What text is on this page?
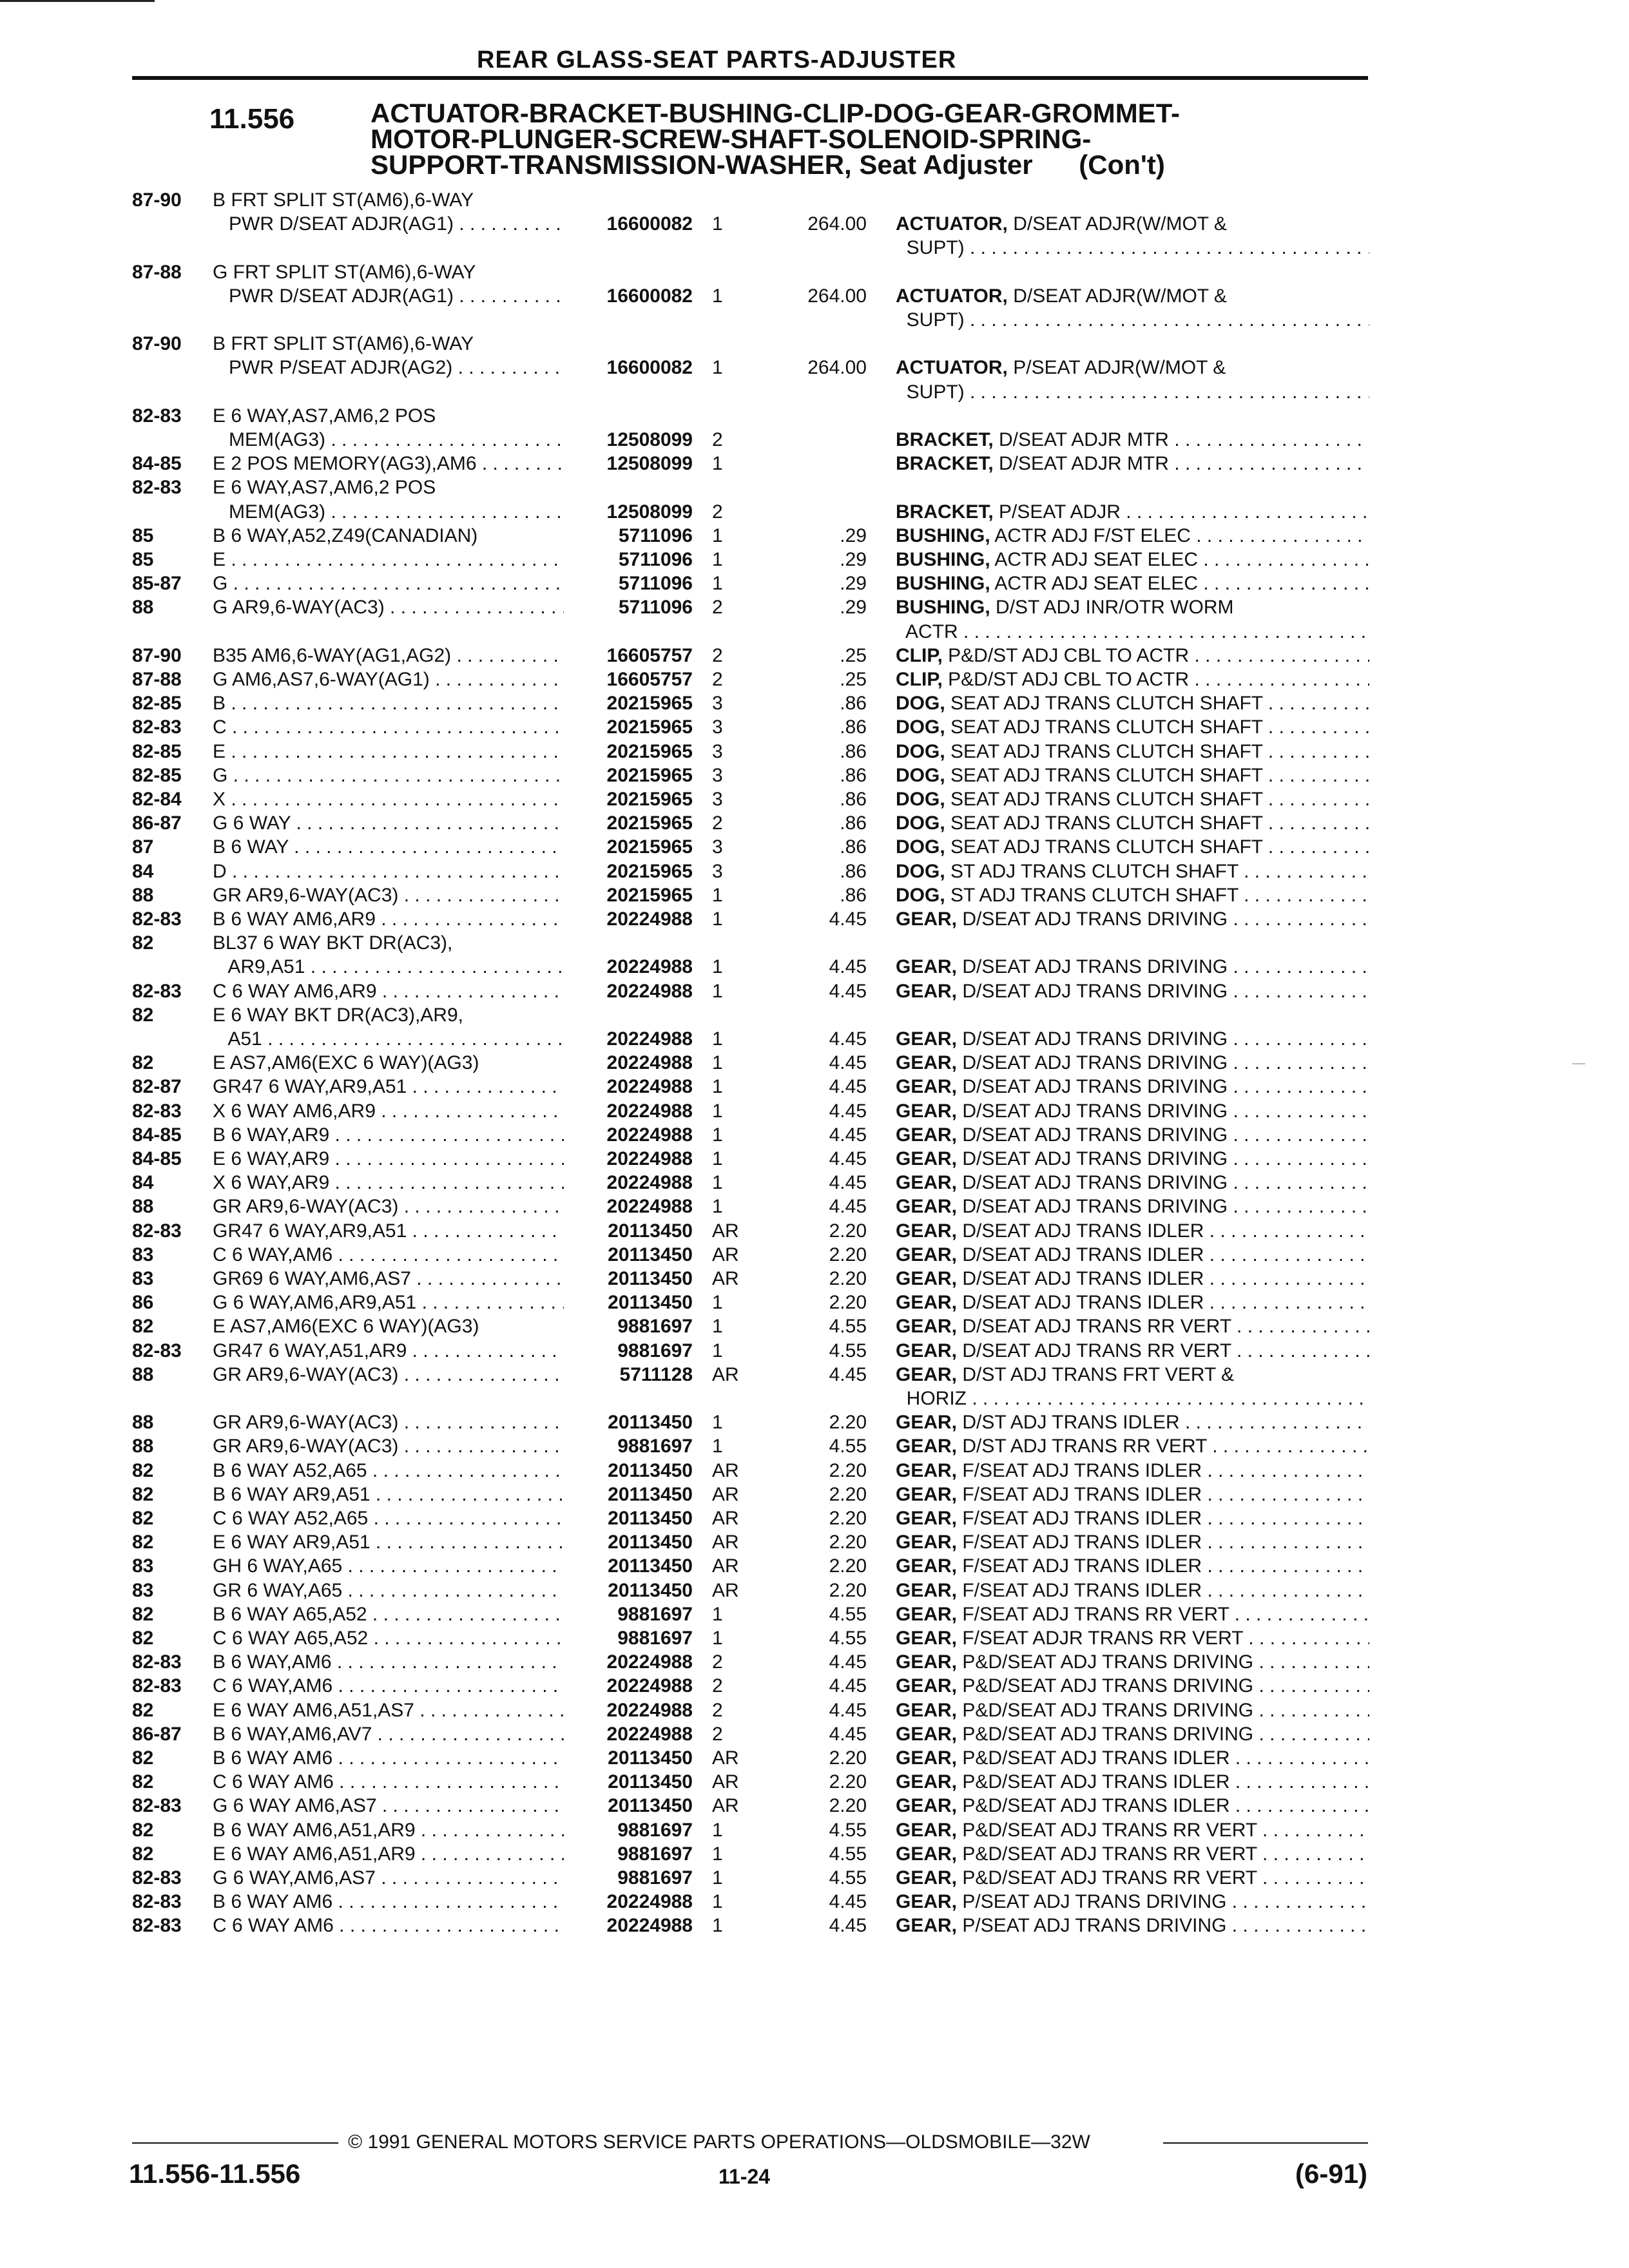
REAR GLASS-SEAT PARTS-ADJUSTER
11.556	ACTUATOR-BRACKET-BUSHING-CLIP-DOG-GEAR-GROMMET-
MOTOR-PLUNGER-SCREW-SHAFT-SOLENOID-SPRING-
SUPPORT-TRANSMISSION-WASHER, Seat Adjuster (Con't)
87-90 B FRT SPLIT ST(AM6),6-WAY
PWR D/SEAT ADJR(AG1) . . .	16600082 1	264.00 ACTUATOR, D/SEAT ADJR(W/MOT &
SUPT) . . .
87-88 G FRT SPLIT ST(AM6),6-WAY
PWR D/SEAT ADJR(AG1) . . .	16600082 1	264.00 ACTUATOR, D/SEAT ADJR(W/MOT &
SUPT) . . .
87-90 B FRT SPLIT ST(AM6),6-WAY
PWR P/SEAT ADJR(AG2) . . .	16600082 1	264.00 ACTUATOR, P/SEAT ADJR(W/MOT &
SUPT) . . .
82-83 E 6 WAY,AS7,AM6,2 POS
MEM(AG3) . . .	12508099 2	BRACKET, D/SEAT ADJR MTR . . .
84-85 E 2 POS MEMORY(AG3),AM6 . . .	12508099 1	BRACKET, D/SEAT ADJR MTR . . .
82-83 E 6 WAY,AS7,AM6,2 POS
MEM(AG3) . . .	12508099 2	BRACKET, P/SEAT ADJR . . .
85	B 6 WAY,A52,Z49(CANADIAN)	5711096 1	.29 BUSHING, ACTR ADJ F/ST ELEC . . .
85	E . . .	5711096 1	.29 BUSHING, ACTR ADJ SEAT ELEC . . .
85-87 G . . .	5711096 1	.29 BUSHING, ACTR ADJ SEAT ELEC . . .
88	G AR9,6-WAY(AC3) . . .	5711096 2	.29 BUSHING, D/ST ADJ INR/OTR WORM
ACTR . . .
87-90 B35 AM6,6-WAY(AG1,AG2) . . .	16605757 2	.25 CLIP, P&D/ST ADJ CBL TO ACTR . . .
87-88 G AM6,AS7,6-WAY(AG1) . . .	16605757 2	.25 CLIP, P&D/ST ADJ CBL TO ACTR . . .
82-85 B . . .	20215965 3	.86 DOG, SEAT ADJ TRANS CLUTCH SHAFT . . .
82-83 C . . .	20215965 3	.86 DOG, SEAT ADJ TRANS CLUTCH SHAFT . . .
82-85 E . . .	20215965 3	.86 DOG, SEAT ADJ TRANS CLUTCH SHAFT . . .
82-85 G . . .	20215965 3	.86 DOG, SEAT ADJ TRANS CLUTCH SHAFT . . .
82-84 X . . .	20215965 3	.86 DOG, SEAT ADJ TRANS CLUTCH SHAFT . . .
86-87 G 6 WAY . . .	20215965 2	.86 DOG, SEAT ADJ TRANS CLUTCH SHAFT . . .
87	B 6 WAY . . .	20215965 3	.86 DOG, SEAT ADJ TRANS CLUTCH SHAFT . . .
84	D . . .	20215965 3	.86 DOG, ST ADJ TRANS CLUTCH SHAFT . . .
88	GR AR9,6-WAY(AC3) . . .	20215965 1	.86 DOG, ST ADJ TRANS CLUTCH SHAFT . . .
82-83 B 6 WAY AM6,AR9 . . .	20224988 1	4.45 GEAR, D/SEAT ADJ TRANS DRIVING . . .
82	BL37 6 WAY BKT DR(AC3),
AR9,A51 . . .	20224988 1	4.45 GEAR, D/SEAT ADJ TRANS DRIVING . . .
82-83 C 6 WAY AM6,AR9 . . .	20224988 1	4.45 GEAR, D/SEAT ADJ TRANS DRIVING . . .
82	E 6 WAY BKT DR(AC3),AR9,
A51 . . .	20224988 1	4.45 GEAR, D/SEAT ADJ TRANS DRIVING . . .
82	E AS7,AM6(EXC 6 WAY)(AG3)	20224988 1	4.45 GEAR, D/SEAT ADJ TRANS DRIVING . . .
82-87 GR47 6 WAY,AR9,A51 . . .	20224988 1	4.45 GEAR, D/SEAT ADJ TRANS DRIVING . . .
82-83 X 6 WAY AM6,AR9 . . .	20224988 1	4.45 GEAR, D/SEAT ADJ TRANS DRIVING . . .
84-85 B 6 WAY,AR9 . . .	20224988 1	4.45 GEAR, D/SEAT ADJ TRANS DRIVING . . .
84-85 E 6 WAY,AR9 . . .	20224988 1	4.45 GEAR, D/SEAT ADJ TRANS DRIVING . . .
84	X 6 WAY,AR9 . . .	20224988 1	4.45 GEAR, D/SEAT ADJ TRANS DRIVING . . .
88	GR AR9,6-WAY(AC3) . . .	20224988 1	4.45 GEAR, D/SEAT ADJ TRANS DRIVING . . .
82-83 GR47 6 WAY,AR9,A51 . . .	20113450 AR	2.20 GEAR, D/SEAT ADJ TRANS IDLER . . .
83	C 6 WAY,AM6 . . .	20113450 AR	2.20 GEAR, D/SEAT ADJ TRANS IDLER . . .
83	GR69 6 WAY,AM6,AS7 . . .	20113450 AR	2.20 GEAR, D/SEAT ADJ TRANS IDLER . . .
86	G 6 WAY,AM6,AR9,A51 . . .	20113450 1	2.20 GEAR, D/SEAT ADJ TRANS IDLER . . .
82	E AS7,AM6(EXC 6 WAY)(AG3)	9881697 1	4.55 GEAR, D/SEAT ADJ TRANS RR VERT . . .
82-83 GR47 6 WAY,A51,AR9 . . .	9881697 1	4.55 GEAR, D/SEAT ADJ TRANS RR VERT . . .
88	GR AR9,6-WAY(AC3) . . .	5711128 AR	4.45 GEAR, D/ST ADJ TRANS FRT VERT &
HORIZ . . .
88	GR AR9,6-WAY(AC3) . . .	20113450 1	2.20 GEAR, D/ST ADJ TRANS IDLER . . .
88	GR AR9,6-WAY(AC3) . . .	9881697 1	4.55 GEAR, D/ST ADJ TRANS RR VERT . . .
82	B 6 WAY A52,A65 . . .	20113450 AR	2.20 GEAR, F/SEAT ADJ TRANS IDLER . . .
82	B 6 WAY AR9,A51 . . .	20113450 AR	2.20 GEAR, F/SEAT ADJ TRANS IDLER . . .
82	C 6 WAY A52,A65 . . .	20113450 AR	2.20 GEAR, F/SEAT ADJ TRANS IDLER . . .
82	E 6 WAY AR9,A51 . . .	20113450 AR	2.20 GEAR, F/SEAT ADJ TRANS IDLER . . .
83	GH 6 WAY,A65 . . .	20113450 AR	2.20 GEAR, F/SEAT ADJ TRANS IDLER . . .
83	GR 6 WAY,A65 . . .	20113450 AR	2.20 GEAR, F/SEAT ADJ TRANS IDLER . . .
82	B 6 WAY A65,A52 . . .	9881697 1	4.55 GEAR, F/SEAT ADJ TRANS RR VERT . . .
82	C 6 WAY A65,A52 . . .	9881697 1	4.55 GEAR, F/SEAT ADJR TRANS RR VERT . . .
82-83 B 6 WAY,AM6 . . .	20224988 2	4.45 GEAR, P&D/SEAT ADJ TRANS DRIVING . . .
82-83 C 6 WAY,AM6 . . .	20224988 2	4.45 GEAR, P&D/SEAT ADJ TRANS DRIVING . . .
82	E 6 WAY AM6,A51,AS7 . . .	20224988 2	4.45 GEAR, P&D/SEAT ADJ TRANS DRIVING . . .
86-87 B 6 WAY,AM6,AV7 . . .	20224988 2	4.45 GEAR, P&D/SEAT ADJ TRANS DRIVING . . .
82	B 6 WAY AM6 . . .	20113450 AR	2.20 GEAR, P&D/SEAT ADJ TRANS IDLER . . .
82	C 6 WAY AM6 . . .	20113450 AR	2.20 GEAR, P&D/SEAT ADJ TRANS IDLER . . .
82-83 G 6 WAY AM6,AS7 . . .	20113450 AR	2.20 GEAR, P&D/SEAT ADJ TRANS IDLER . . .
82	B 6 WAY AM6,A51,AR9 . . .	9881697 1	4.55 GEAR, P&D/SEAT ADJ TRANS RR VERT . . .
82	E 6 WAY AM6,A51,AR9 . . .	9881697 1	4.55 GEAR, P&D/SEAT ADJ TRANS RR VERT . . .
82-83 G 6 WAY,AM6,AS7 . . .	9881697 1	4.55 GEAR, P&D/SEAT ADJ TRANS RR VERT . . .
82-83 B 6 WAY AM6 . . .	20224988 1	4.45 GEAR, P/SEAT ADJ TRANS DRIVING . . .
82-83 C 6 WAY AM6 . . .	20224988 1	4.45 GEAR, P/SEAT ADJ TRANS DRIVING . . .
© 1991 GENERAL MOTORS SERVICE PARTS OPERATIONS—OLDSMOBILE—32W
11.556-11.556	11-24	(6-91)
